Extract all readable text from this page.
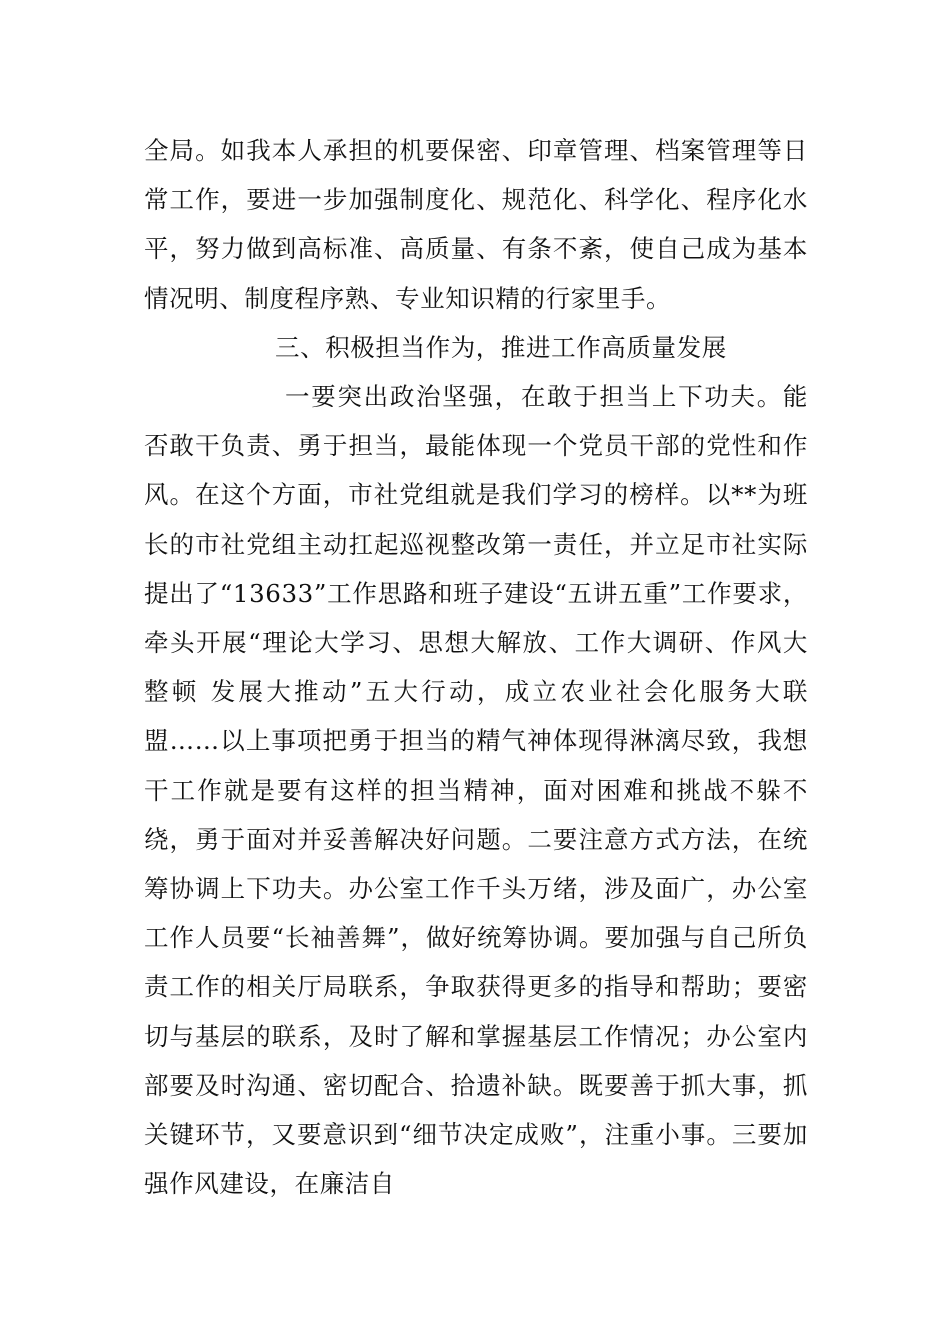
全局。如我本人承担的机要保密、印章管理、档案管理等日常工作，要进一步加强制度化、规范化、科学化、程序化水平，努力做到高标准、高质量、有条不紊，使自己成为基本情况明、制度程序熟、专业知识精的行家里手。

三、积极担当作为，推进工作高质量发展

一要突出政治坚强，在敢于担当上下功夫。能否敢干负责、勇于担当，最能体现一个党员干部的党性和作风。在这个方面，市社党组就是我们学习的榜样。以**为班长的市社党组主动扛起巡视整改第一责任，并立足市社实际提出了“13633”工作思路和班子建设“五讲五重”工作要求，牵头开展“理论大学习、思想大解放、工作大调研、作风大整顿 发展大推动”五大行动，成立农业社会化服务大联盟……以上事项把勇于担当的精气神体现得淋漓尽致，我想干工作就是要有这样的担当精神，面对困难和挑战不躲不绕，勇于面对并妥善解决好问题。二要注意方式方法，在统筹协调上下功夫。办公室工作千头万绪，涉及面广，办公室工作人员要“长袖善舞”，做好统筹协调。要加强与自己所负责工作的相关厅局联系，争取获得更多的指导和帮助；要密切与基层的联系，及时了解和掌握基层工作情况；办公室内部要及时沟通、密切配合、拾遗补缺。既要善于抓大事，抓关键环节，又要意识到“细节决定成败”，注重小事。三要加强作风建设，在廉洁自
